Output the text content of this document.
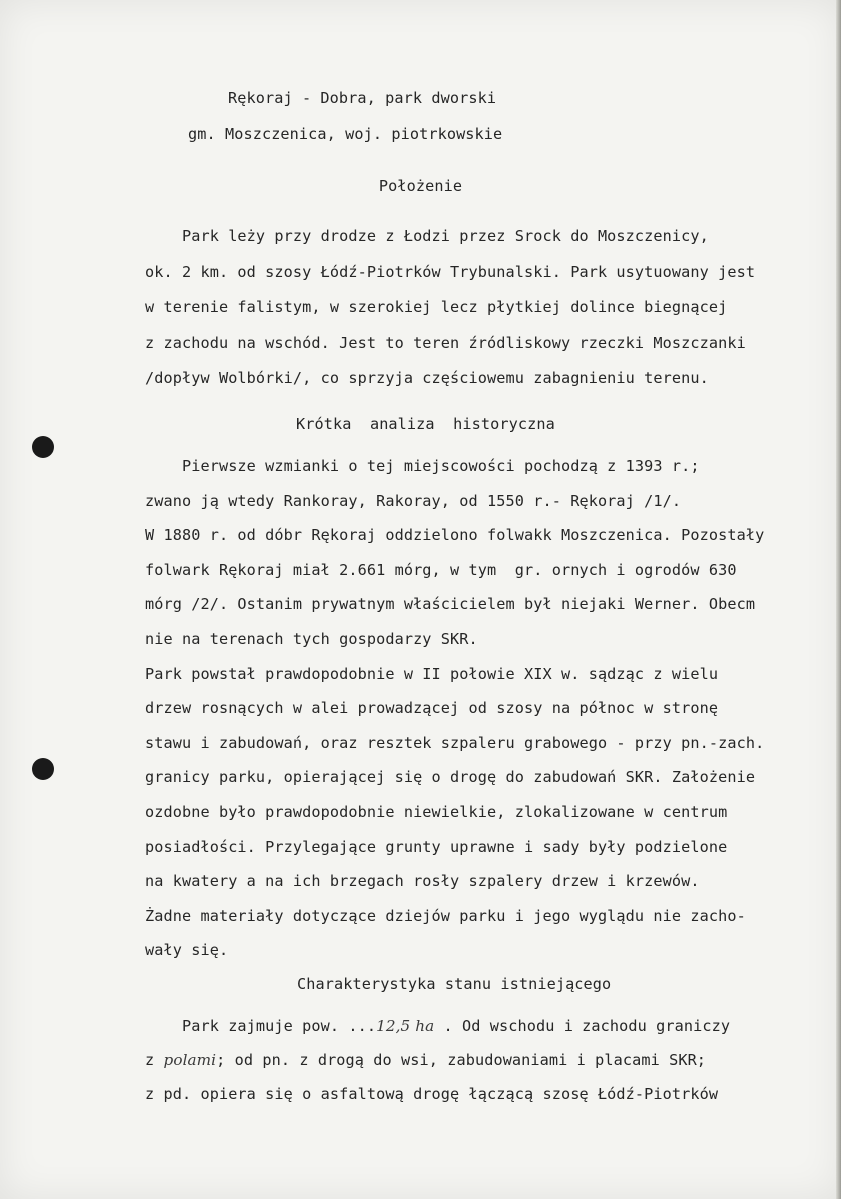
Rękoraj - Dobra, park dworski
gm. Moszczenica, woj. piotrkowskie
Położenie
Park leży przy drodze z Łodzi przez Srock do Moszczenicy,
ok. 2 km. od szosy Łódź-Piotrków Trybunalski. Park usytuowany jest
w terenie falistym, w szerokiej lecz płytkiej dolince biegnącej
z zachodu na wschód. Jest to teren źródliskowy rzeczki Moszczanki
/dopływ Wolbórki/, co sprzyja częściowemu zabagnieniu terenu.
Krótka  analiza  historyczna
Pierwsze wzmianki o tej miejscowości pochodzą z 1393 r.;
zwano ją wtedy Rankoray, Rakoray, od 1550 r.- Rękoraj /1/.
W 1880 r. od dóbr Rękoraj oddzielono folwakk Moszczenica. Pozostały
folwark Rękoraj miał 2.661 mórg, w tym  gr. ornych i ogrodów 630
mórg /2/. Ostanim prywatnym właścicielem był niejaki Werner. Obecm
nie na terenach tych gospodarzy SKR.
Park powstał prawdopodobnie w II połowie XIX w. sądząc z wielu
drzew rosnących w alei prowadzącej od szosy na północ w stronę
stawu i zabudowań, oraz resztek szpaleru grabowego - przy pn.-zach.
granicy parku, opierającej się o drogę do zabudowań SKR. Założenie
ozdobne było prawdopodobnie niewielkie, zlokalizowane w centrum
posiadłości. Przylegające grunty uprawne i sady były podzielone
na kwatery a na ich brzegach rosły szpalery drzew i krzewów.
Żadne materiały dotyczące dziejów parku i jego wyglądu nie zacho-
wały się.
Charakterystyka stanu istniejącego
Park zajmuje pow. ...12,5 ha . Od wschodu i zachodu graniczy
z polami; od pn. z drogą do wsi, zabudowaniami i placami SKR;
z pd. opiera się o asfaltową drogę łączącą szosę Łódź-Piotrków
